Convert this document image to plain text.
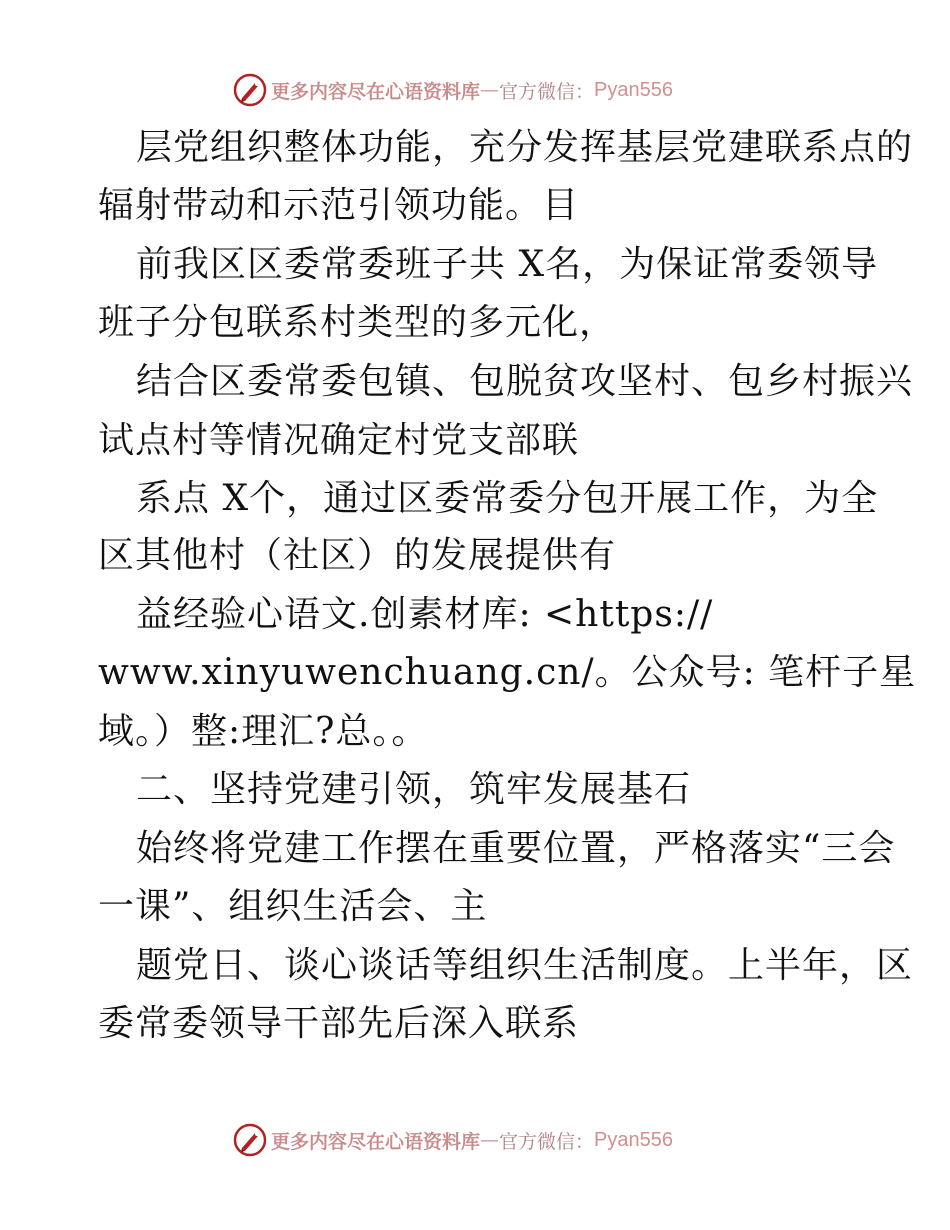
更多内容尽在心语资料库 — 官方微信： Pyan556
层党组织整体功能，充分发挥基层党建联系点的
辐射带动和示范引领功能。目
前我区区委常委班子共 X名，为保证常委领导
班子分包联系村类型的多元化，
结合区委常委包镇、包脱贫攻坚村、包乡村振兴
试点村等情况确定村党支部联
系点 X个，通过区委常委分包开展工作，为全
区其他村（社区）的发展提供有
益经验心语文.创素材库: <https://
www.xinyuwenchuang.cn/。公众号: 笔杆子星
域。）整:理汇?总。。
二、坚持党建引领，筑牢发展基石
始终将党建工作摆在重要位置，严格落实“三会
一课”、组织生活会、主
题党日、谈心谈话等组织生活制度。上半年，区
委常委领导干部先后深入联系
更多内容尽在心语资料库 — 官方微信： Pyan556
